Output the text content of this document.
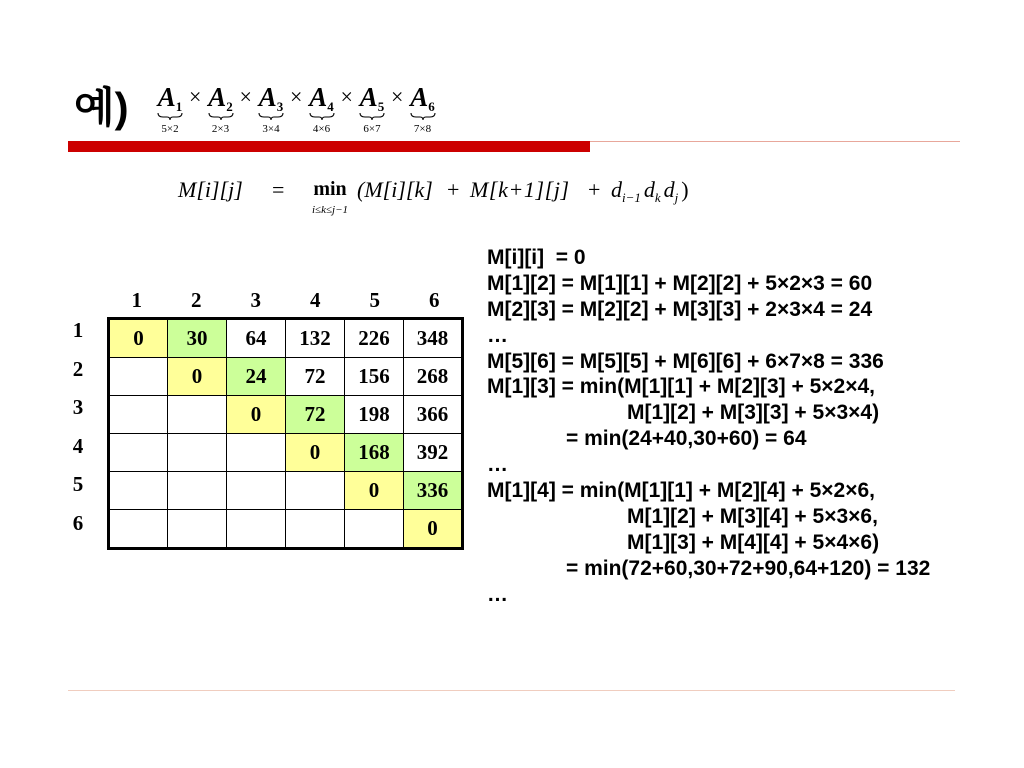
예) $A_1$
5×2
× $A_2$
2×3
× $A_3$
3×4
× $A_4$
4×6
× $A_5$
6×7
× $A_6$
7×8
M[i][j] =	min
i≤k≤j−1
($M[i][k] + M[k+1][j] + d_{i-1}$ $d_k$ $d_j$ )
1	2	3	4	5	6
1
2
3
4
5
6
0	30	64	132	226	348
	0	24	72	156	268
		0	72	198	366
			0	168	392
				0	336
					0
M[i][i]  = 0
M[1][2] = M[1][1] + M[2][2] + 5×2×3 = 60
M[2][3] = M[2][2] + M[3][3] + 2×3×4 = 24
…
M[5][6] = M[5][5] + M[6][6] + 6×7×8 = 336
M[1][3] = min(M[1][1] + M[2][3] + 5×2×4,
M[1][2] + M[3][3] + 5×3×4)
= min(24+40,30+60) = 64
…
M[1][4] = min(M[1][1] + M[2][4] + 5×2×6,
M[1][2] + M[3][4] + 5×3×6,
M[1][3] + M[4][4] + 5×4×6)
= min(72+60,30+72+90,64+120) = 132
…
